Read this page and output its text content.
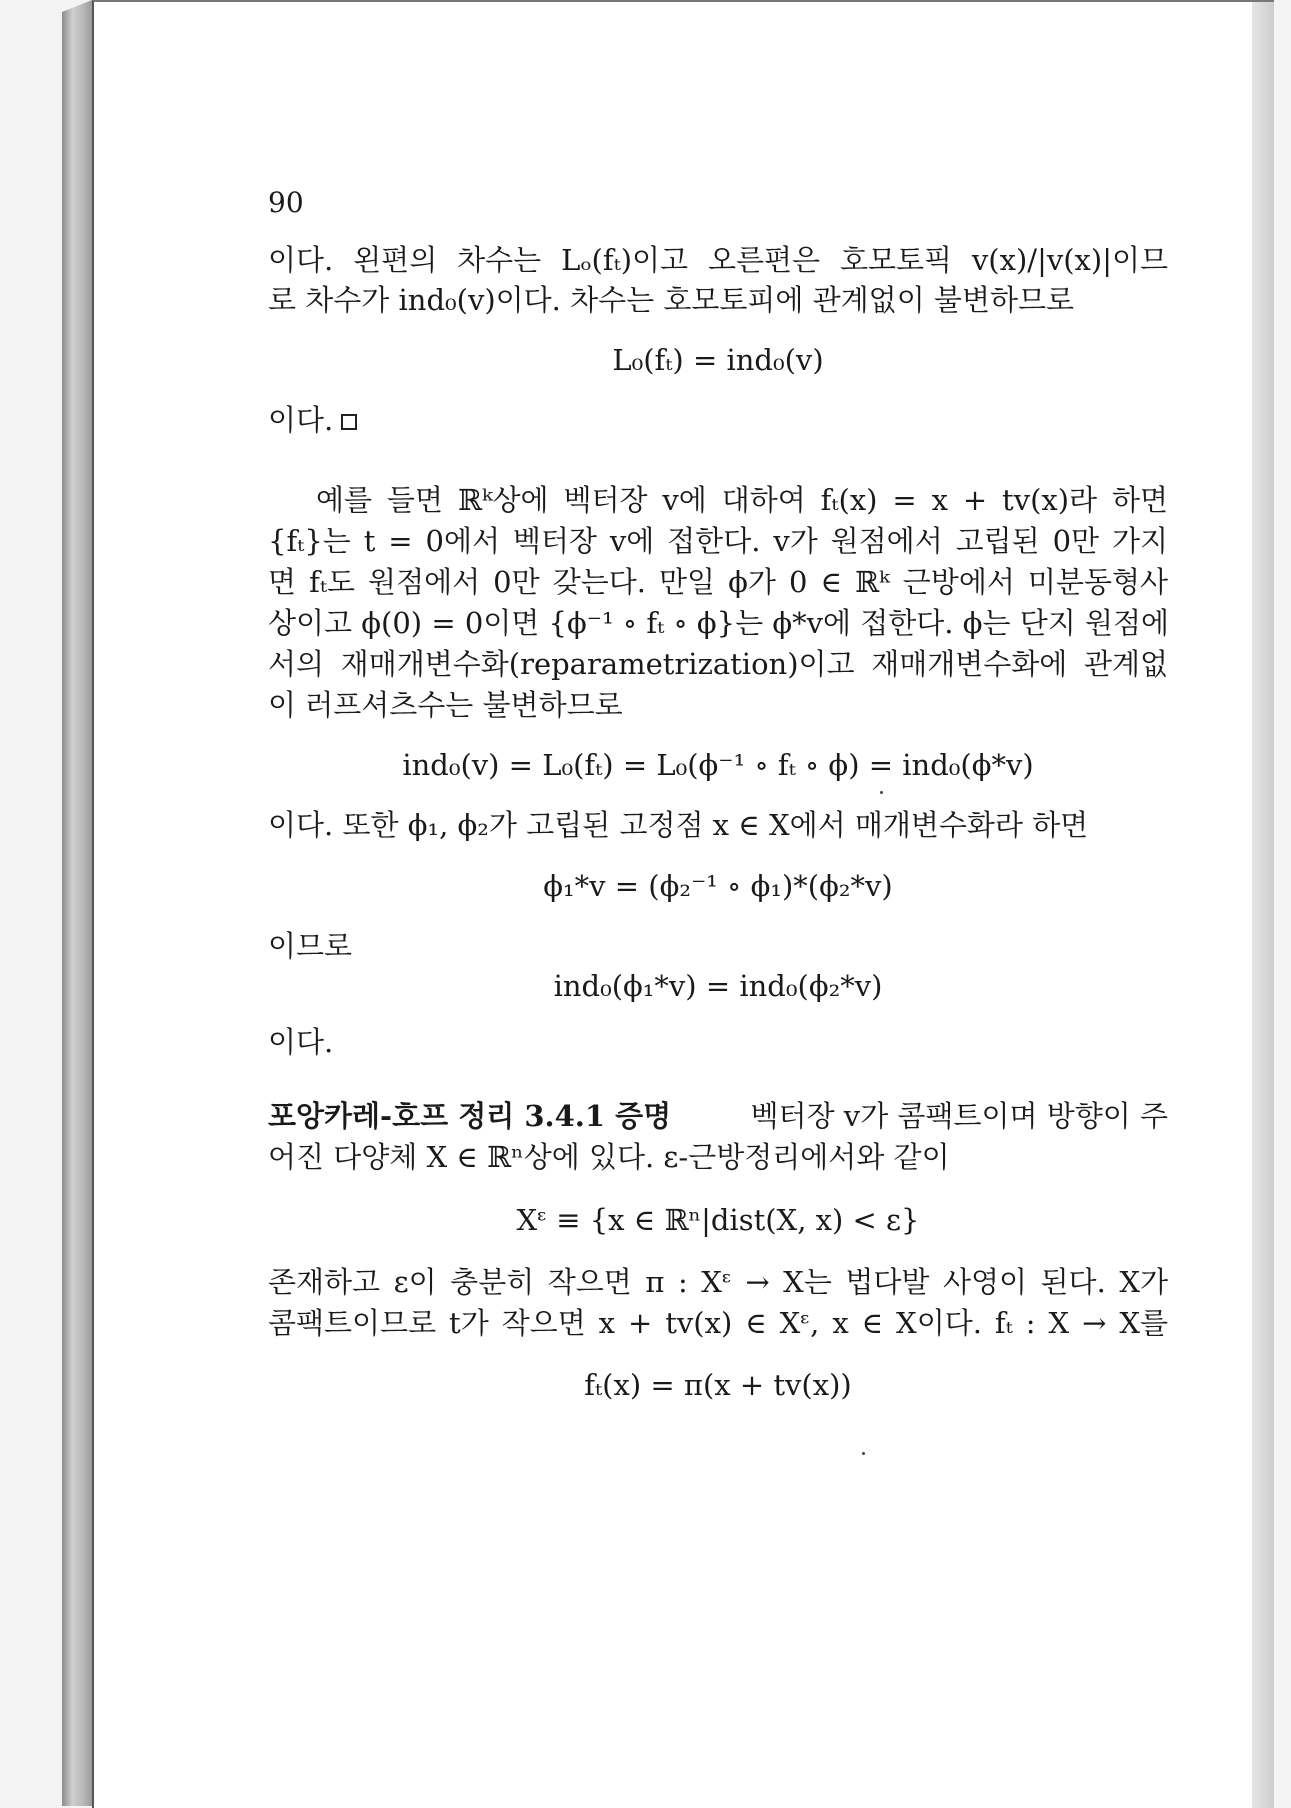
90
이다. 왼편의 차수는 Lₒ(fₜ)이고 오른편은 호모토픽 v(x)/|v(x)|이므
로 차수가 ind₀(v)이다. 차수는 호모토피에 관계없이 불변하므로
L₀(fₜ) = ind₀(v)
이다.
예를 들면 ℝᵏ상에 벡터장 v에 대하여 fₜ(x) = x + tv(x)라 하면
{fₜ}는 t = 0에서 벡터장 v에 접한다. v가 원점에서 고립된 0만 가지
면 fₜ도 원점에서 0만 갖는다. 만일 ϕ가 0 ∈ ℝᵏ 근방에서 미분동형사
상이고 ϕ(0) = 0이면 {ϕ⁻¹ ∘ fₜ ∘ ϕ}는 ϕ*v에 접한다. ϕ는 단지 원점에
서의 재매개변수화(reparametrization)이고 재매개변수화에 관계없
이 러프셔츠수는 불변하므로
ind₀(v) = L₀(fₜ) = L₀(ϕ⁻¹ ∘ fₜ ∘ ϕ) = ind₀(ϕ*v)
이다. 또한 ϕ₁, ϕ₂가 고립된 고정점 x ∈ X에서 매개변수화라 하면
ϕ₁*v = (ϕ₂⁻¹ ∘ ϕ₁)*(ϕ₂*v)
이므로
ind₀(ϕ₁*v) = ind₀(ϕ₂*v)
이다.
포앙카레-호프 정리 3.4.1 증명	벡터장 v가 콤팩트이며 방향이 주
어진 다양체 X ∈ ℝⁿ상에 있다. ε-근방정리에서와 같이
Xᵋ ≡ {x ∈ ℝⁿ|dist(X, x) < ε}
존재하고 ε이 충분히 작으면 π : Xᵋ → X는 법다발 사영이 된다. X가
콤팩트이므로 t가 작으면 x + tv(x) ∈ Xᵋ, x ∈ X이다. fₜ : X → X를
fₜ(x) = π(x + tv(x))
